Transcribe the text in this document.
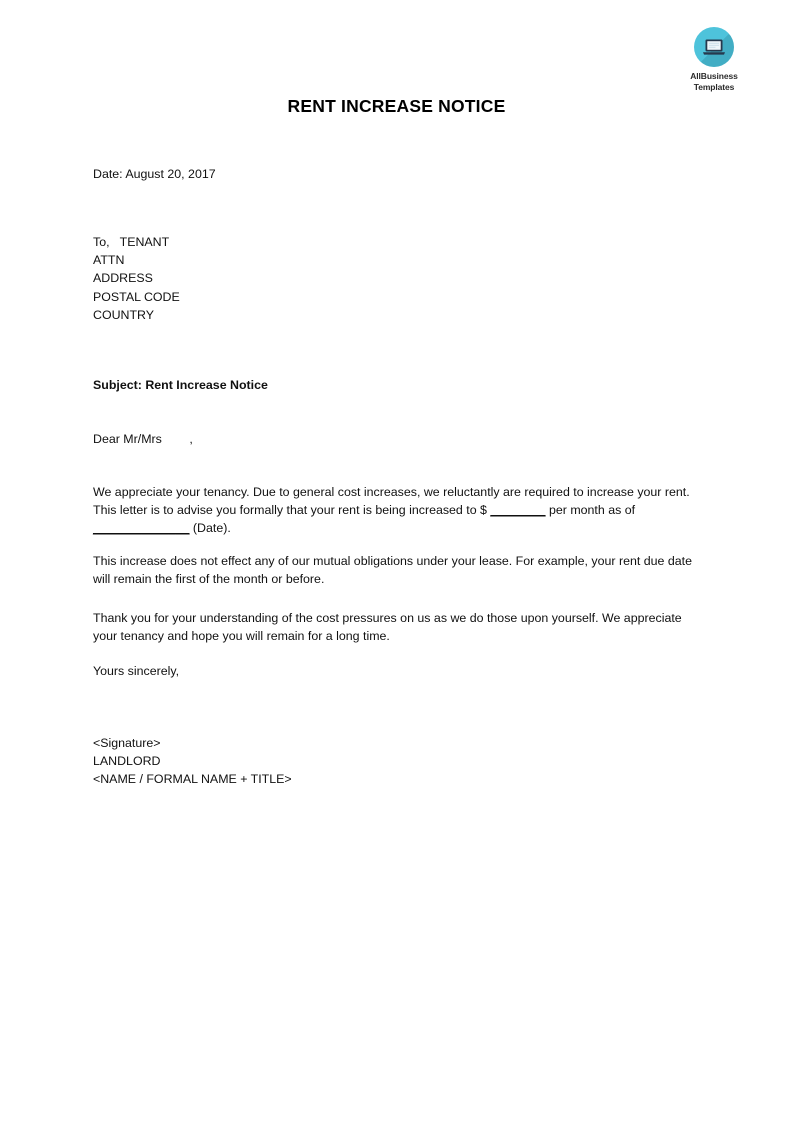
AllBusiness
Templates
RENT INCREASE NOTICE
Date: August 20, 2017
To,   TENANT
ATTN
ADDRESS
POSTAL CODE
COUNTRY
Subject: Rent Increase Notice
Dear Mr/Mrs        ,
We appreciate your tenancy. Due to general cost increases, we reluctantly are required to increase your rent. This letter is to advise you formally that your rent is being increased to $ ________ per month as of ______________ (Date).
This increase does not effect any of our mutual obligations under your lease. For example, your rent due date will remain the first of the month or before.
Thank you for your understanding of the cost pressures on us as we do those upon yourself. We appreciate your tenancy and hope you will remain for a long time.
Yours sincerely,
<Signature>
LANDLORD
<NAME / FORMAL NAME + TITLE>
